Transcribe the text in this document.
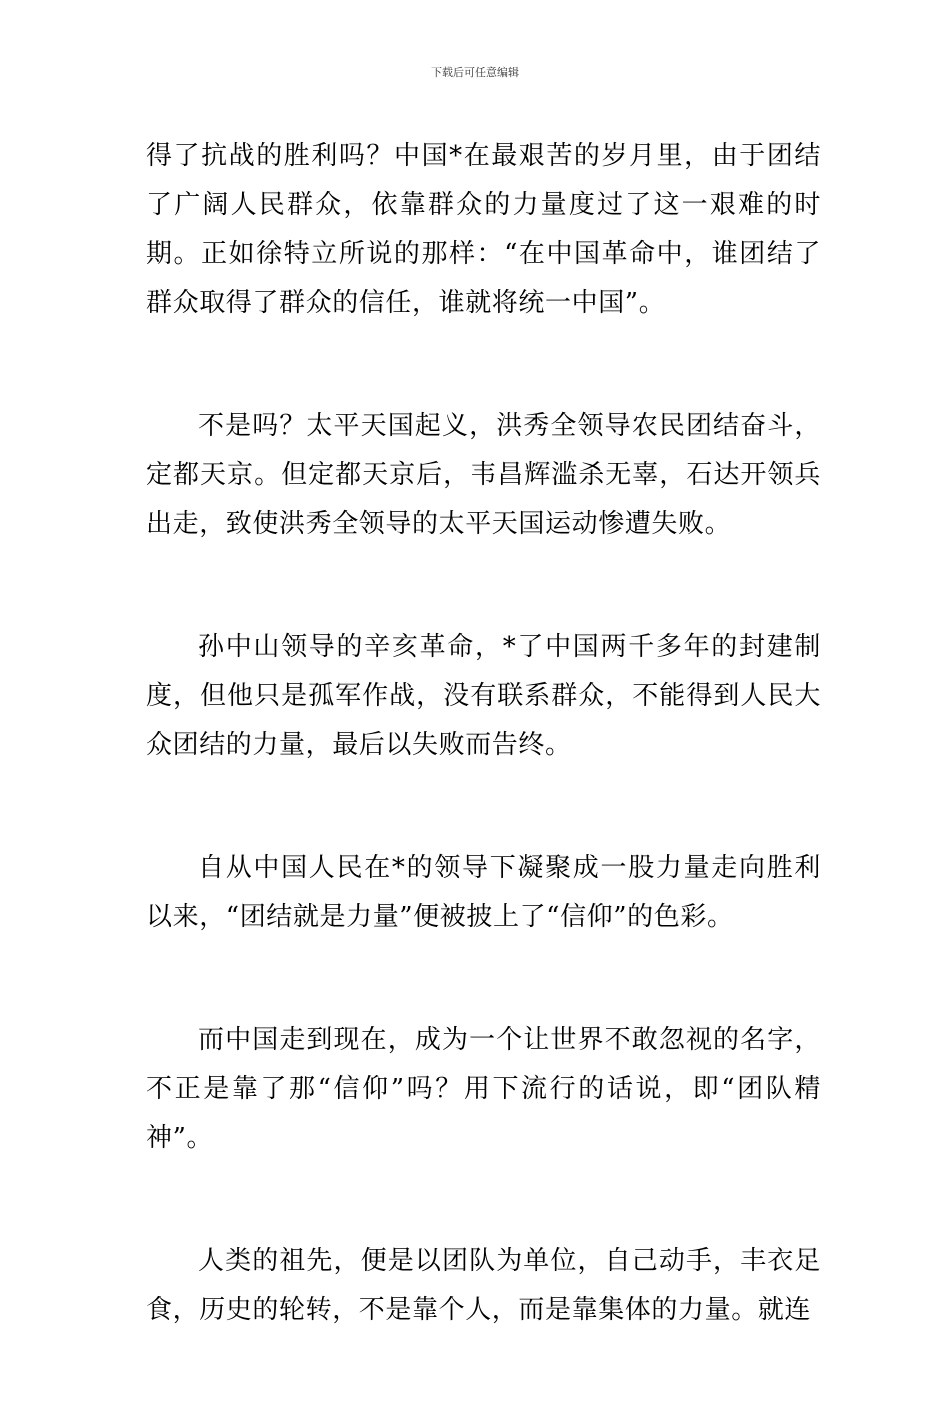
下载后可任意编辑

得了抗战的胜利吗？中国*在最艰苦的岁月里，由于团结了广阔人民群众，依靠群众的力量度过了这一艰难的时期。正如徐特立所说的那样：“在中国革命中，谁团结了群众取得了群众的信任，谁就将统一中国”。

不是吗？太平天国起义，洪秀全领导农民团结奋斗，定都天京。但定都天京后，韦昌辉滥杀无辜，石达开领兵出走，致使洪秀全领导的太平天国运动惨遭失败。

孙中山领导的辛亥革命，*了中国两千多年的封建制度，但他只是孤军作战，没有联系群众，不能得到人民大众团结的力量，最后以失败而告终。

自从中国人民在*的领导下凝聚成一股力量走向胜利以来，“团结就是力量”便被披上了“信仰”的色彩。

而中国走到现在，成为一个让世界不敢忽视的名字，不正是靠了那“信仰”吗？用下流行的话说，即“团队精神”。

人类的祖先，便是以团队为单位，自己动手，丰衣足食，历史的轮转，不是靠个人，而是靠集体的力量。就连
